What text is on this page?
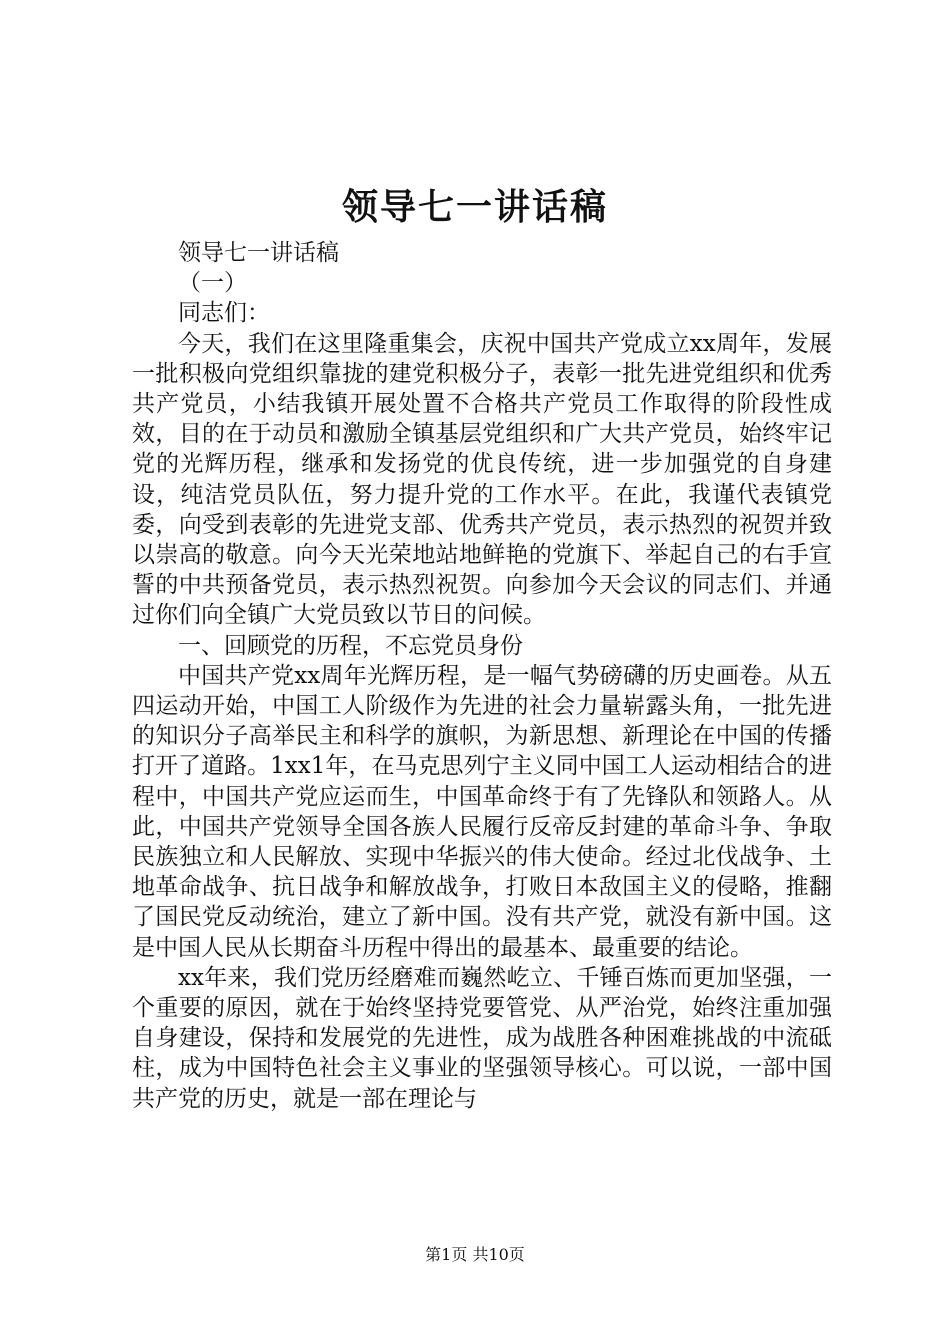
领导七一讲话稿

领导七一讲话稿

（一）

同志们：

今天，我们在这里隆重集会，庆祝中国共产党成立xx周年，发展一批积极向党组织靠拢的建党积极分子，表彰一批先进党组织和优秀共产党员，小结我镇开展处置不合格共产党员工作取得的阶段性成效，目的在于动员和激励全镇基层党组织和广大共产党员，始终牢记党的光辉历程，继承和发扬党的优良传统，进一步加强党的自身建设，纯洁党员队伍，努力提升党的工作水平。在此，我谨代表镇党委，向受到表彰的先进党支部、优秀共产党员，表示热烈的祝贺并致以崇高的敬意。向今天光荣地站地鲜艳的党旗下、举起自己的右手宣誓的中共预备党员，表示热烈祝贺。向参加今天会议的同志们、并通过你们向全镇广大党员致以节日的问候。

一、回顾党的历程，不忘党员身份

中国共产党xx周年光辉历程，是一幅气势磅礴的历史画卷。从五四运动开始，中国工人阶级作为先进的社会力量崭露头角，一批先进的知识分子高举民主和科学的旗帜，为新思想、新理论在中国的传播打开了道路。1xx1年，在马克思列宁主义同中国工人运动相结合的进程中，中国共产党应运而生，中国革命终于有了先锋队和领路人。从此，中国共产党领导全国各族人民履行反帝反封建的革命斗争、争取民族独立和人民解放、实现中华振兴的伟大使命。经过北伐战争、土地革命战争、抗日战争和解放战争，打败日本敌国主义的侵略，推翻了国民党反动统治，建立了新中国。没有共产党，就没有新中国。这是中国人民从长期奋斗历程中得出的最基本、最重要的结论。

xx年来，我们党历经磨难而巍然屹立、千锤百炼而更加坚强，一个重要的原因，就在于始终坚持党要管党、从严治党，始终注重加强自身建设，保持和发展党的先进性，成为战胜各种困难挑战的中流砥柱，成为中国特色社会主义事业的坚强领导核心。可以说，一部中国共产党的历史，就是一部在理论与

第1页 共10页
